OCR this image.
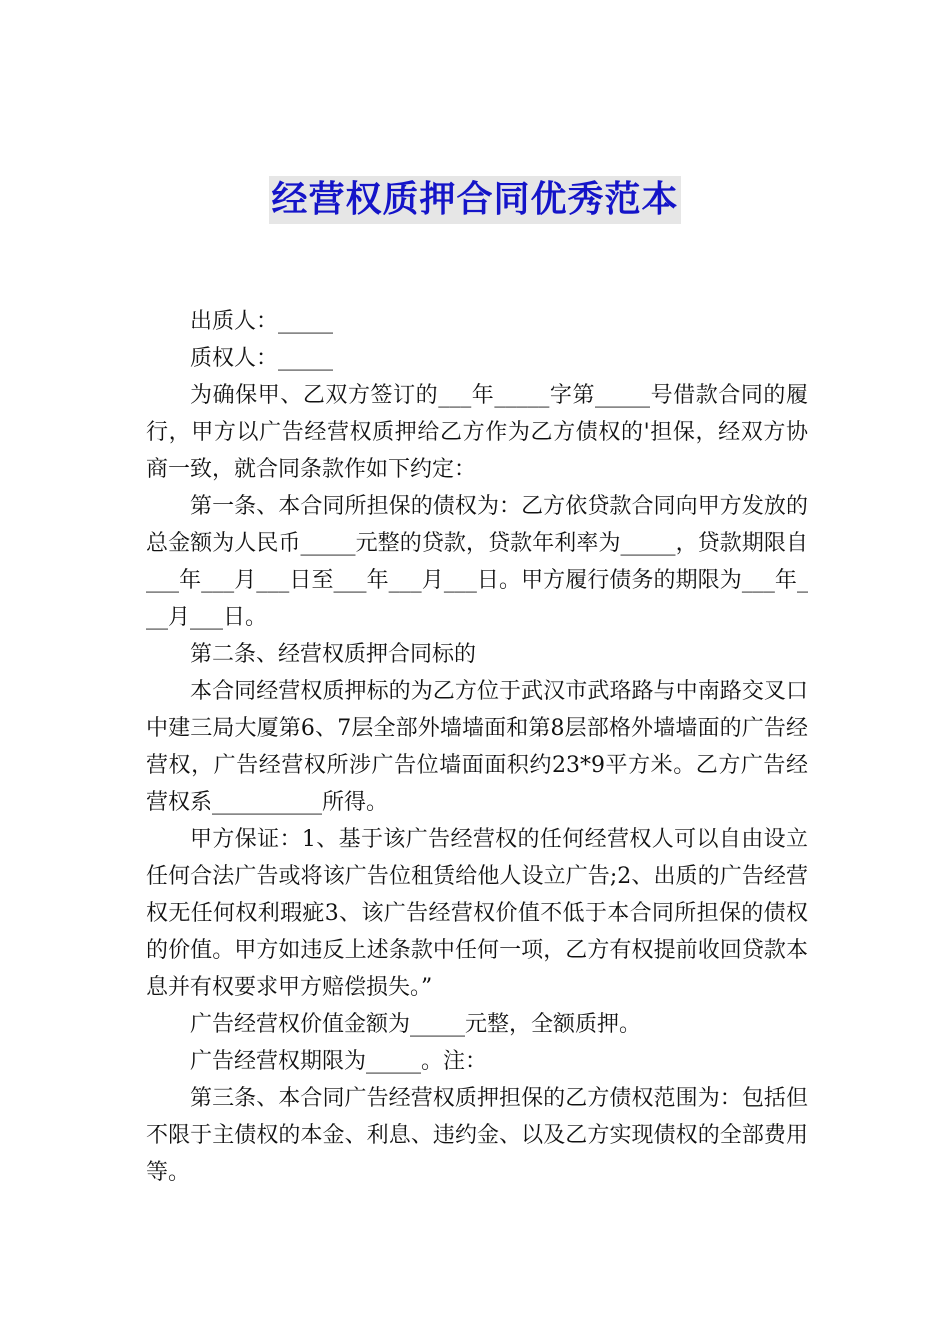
经营权质押合同优秀范本

出质人：_____

质权人：_____

为确保甲、乙双方签订的___年_____字第_____号借款合同的履行，甲方以广告经营权质押给乙方作为乙方债权的'担保，经双方协商一致，就合同条款作如下约定：

第一条、本合同所担保的债权为：乙方依贷款合同向甲方发放的总金额为人民币_____元整的贷款，贷款年利率为_____，贷款期限自___年___月___日至___年___月___日。甲方履行债务的期限为___年___月___日。

第二条、经营权质押合同标的

本合同经营权质押标的为乙方位于武汉市武珞路与中南路交叉口中建三局大厦第6、7层全部外墙墙面和第8层部格外墙墙面的广告经营权，广告经营权所涉广告位墙面面积约23*9平方米。乙方广告经营权系__________所得。

甲方保证：1、基于该广告经营权的任何经营权人可以自由设立任何合法广告或将该广告位租赁给他人设立广告;2、出质的广告经营权无任何权利瑕疵3、该广告经营权价值不低于本合同所担保的债权的价值。甲方如违反上述条款中任何一项，乙方有权提前收回贷款本息并有权要求甲方赔偿损失。”

广告经营权价值金额为_____元整，全额质押。

广告经营权期限为_____。注：

第三条、本合同广告经营权质押担保的乙方债权范围为：包括但不限于主债权的本金、利息、违约金、以及乙方实现债权的全部费用等。
